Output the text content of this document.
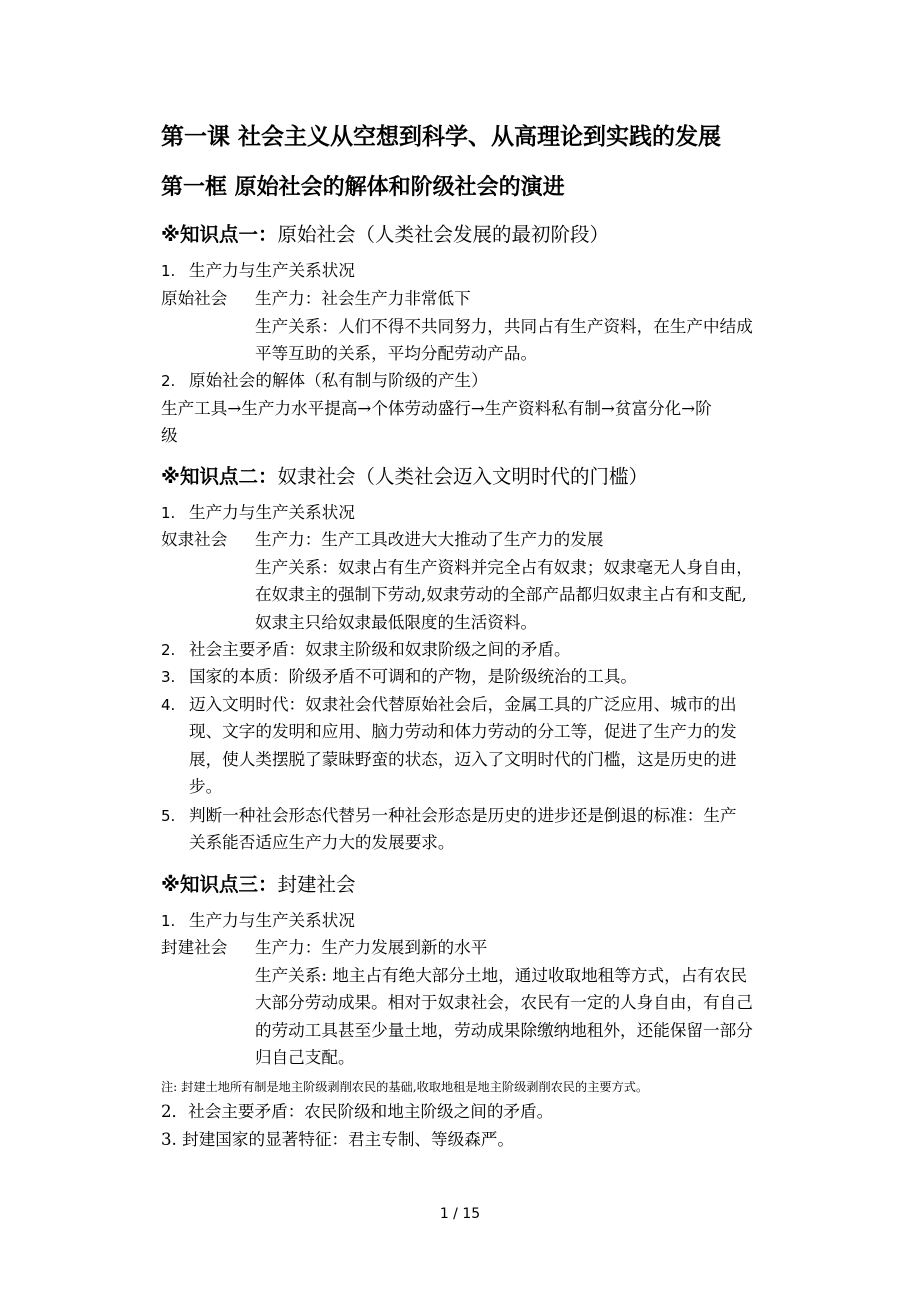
第一课 社会主义从空想到科学、从高理论到实践的发展
第一框 原始社会的解体和阶级社会的演进
※知识点一：原始社会（人类社会发展的最初阶段）
1. 生产力与生产关系状况
原始社会 生产力：社会生产力非常低下
生产关系：人们不得不共同努力，共同占有生产资料，在生产中结成
平等互助的关系，平均分配劳动产品。
2. 原始社会的解体（私有制与阶级的产生）
生产工具→生产力水平提高→个体劳动盛行→生产资料私有制→贫富分化→阶
级
※知识点二：奴隶社会（人类社会迈入文明时代的门槛）
1. 生产力与生产关系状况
奴隶社会 生产力：生产工具改进大大推动了生产力的发展
生产关系：奴隶占有生产资料并完全占有奴隶；奴隶毫无人身自由，
在奴隶主的强制下劳动,奴隶劳动的全部产品都归奴隶主占有和支配,
奴隶主只给奴隶最低限度的生活资料。
2. 社会主要矛盾：奴隶主阶级和奴隶阶级之间的矛盾。
3. 国家的本质：阶级矛盾不可调和的产物，是阶级统治的工具。
4. 迈入文明时代：奴隶社会代替原始社会后，金属工具的广泛应用、城市的出
现、文字的发明和应用、脑力劳动和体力劳动的分工等，促进了生产力的发
展，使人类摆脱了蒙昧野蛮的状态，迈入了文明时代的门槛，这是历史的进
步。
5. 判断一种社会形态代替另一种社会形态是历史的进步还是倒退的标准：生产
关系能否适应生产力大的发展要求。
※知识点三：封建社会
1. 生产力与生产关系状况
封建社会 生产力：生产力发展到新的水平
生产关系: 地主占有绝大部分土地，通过收取地租等方式，占有农民
大部分劳动成果。相对于奴隶社会，农民有一定的人身自由，有自己
的劳动工具甚至少量土地，劳动成果除缴纳地租外，还能保留一部分
归自己支配。
注: 封建土地所有制是地主阶级剥削农民的基础,收取地租是地主阶级剥削农民的主要方式。
2．社会主要矛盾：农民阶级和地主阶级之间的矛盾。
3. 封建国家的显著特征：君主专制、等级森严。
1 / 15
